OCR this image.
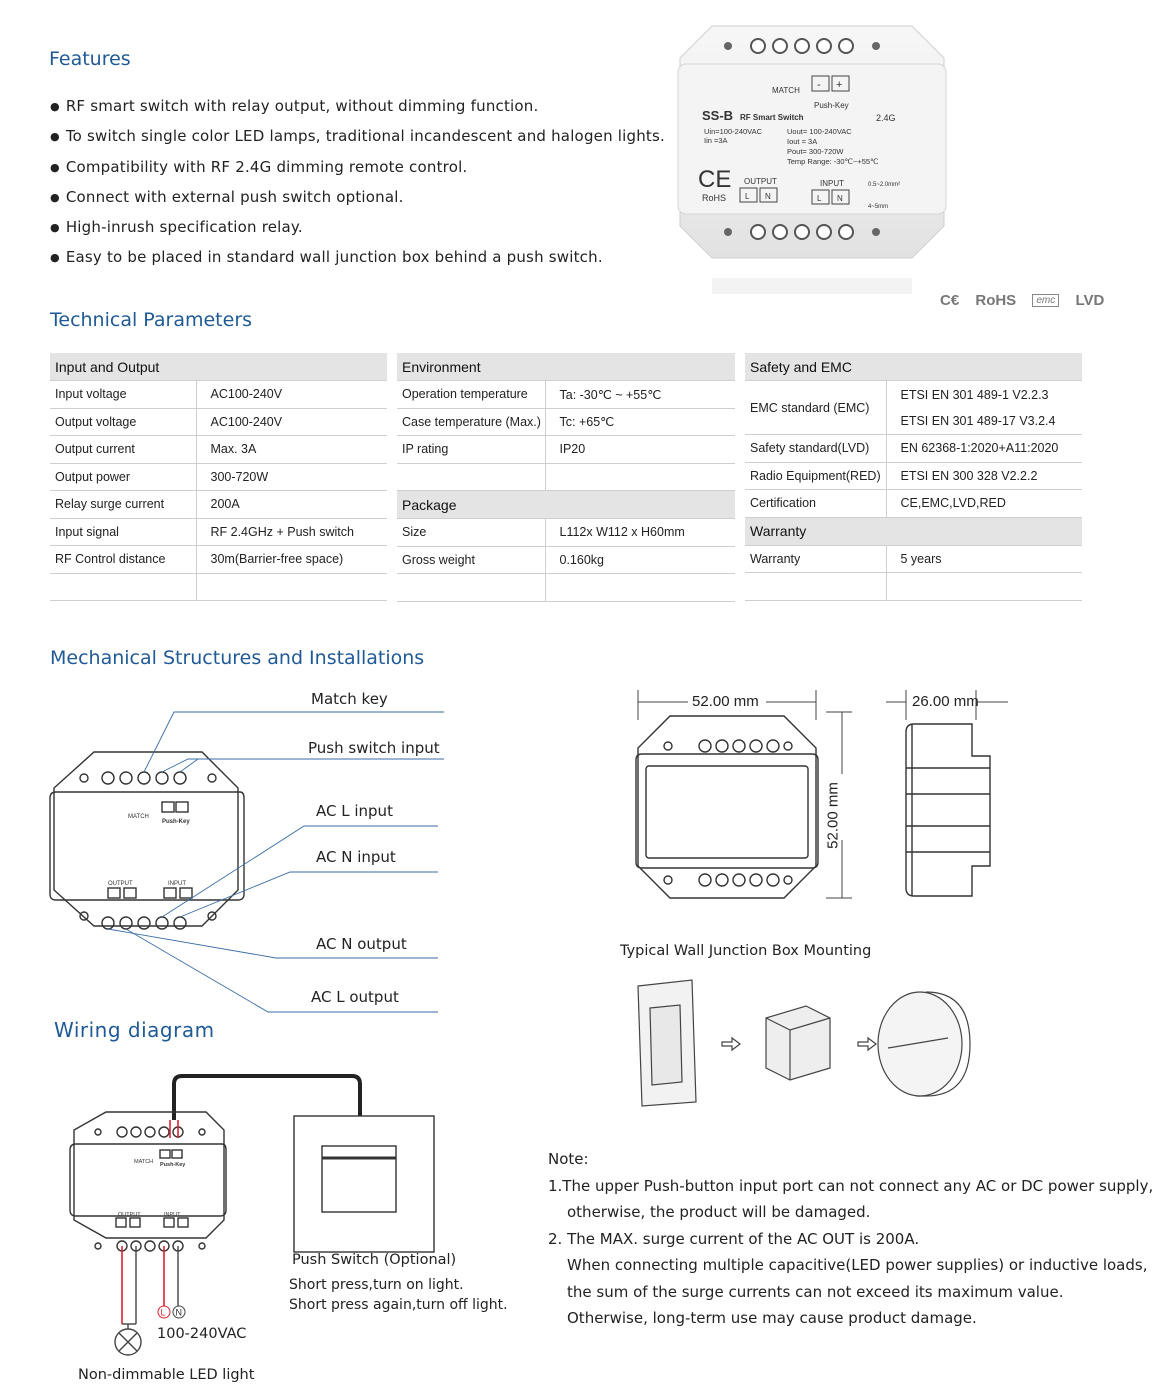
Features
● RF smart switch with relay output, without dimming function.
● To switch single color LED lamps, traditional incandescent and halogen lights.
● Compatibility with RF 2.4G dimming remote control.
● Connect with external push switch optional.
● High-inrush specification relay.
● Easy to be placed in standard wall junction box behind a push switch.
MATCH - +
Push-Key
SS-B RF Smart Switch	2.4G
Uin=100-240VAC
Iin =3A
Uout= 100-240VAC
Iout = 3A
Pout= 300-720W
Temp Range: -30℃~+55℃
CE
RoHS
OUTPUT	INPUT
L N	L N
0.5~2.0mm²
4~5mm
C€ RoHS emc LVD
Technical Parameters
Input and Output	
Input voltage	AC100-240V
Output voltage	AC100-240V
Output current	Max. 3A
Output power	300-720W
Relay surge current	200A
Input signal	RF 2.4GHz + Push switch
RF Control distance	30m(Barrier-free space)

Environment	
Operation temperature	Ta: -30℃ ~ +55℃
Case temperature (Max.)	Tc: +65℃
IP rating	IP20

Package	
Size	L112x W112 x H60mm
Gross weight	0.160kg

Safety and EMC	
EMC standard (EMC)	ETSI EN 301 489-1 V2.2.3
ETSI EN 301 489-17 V3.2.4

Safety standard(LVD)	EN 62368-1:2020+A11:2020
Radio Equipment(RED)	ETSI EN 300 328 V2.2.2
Certification	CE,EMC,LVD,RED
Warranty	
Warranty	5 years

Mechanical Structures and Installations
Match key
Push switch input
AC L input
AC N input
AC N output
AC L output
MATCH
Push-Key
OUTPUT	INPUT
52.00 mm	26.00 mm
52.00 mm
Typical Wall Junction Box Mounting
Wiring diagram
MATCH Push-Key
OUTPUT	INPUT
L N
Push Switch (Optional)
Short press,turn on light.
Short press again,turn off light.
100-240VAC
Non-dimmable LED light
Note:
1.The upper Push-button input port can not connect any AC or DC power supply,
otherwise, the product will be damaged.
2. The MAX. surge current of the AC OUT is 200A.
When connecting multiple capacitive(LED power supplies) or inductive loads,
the sum of the surge currents can not exceed its maximum value.
Otherwise, long-term use may cause product damage.
